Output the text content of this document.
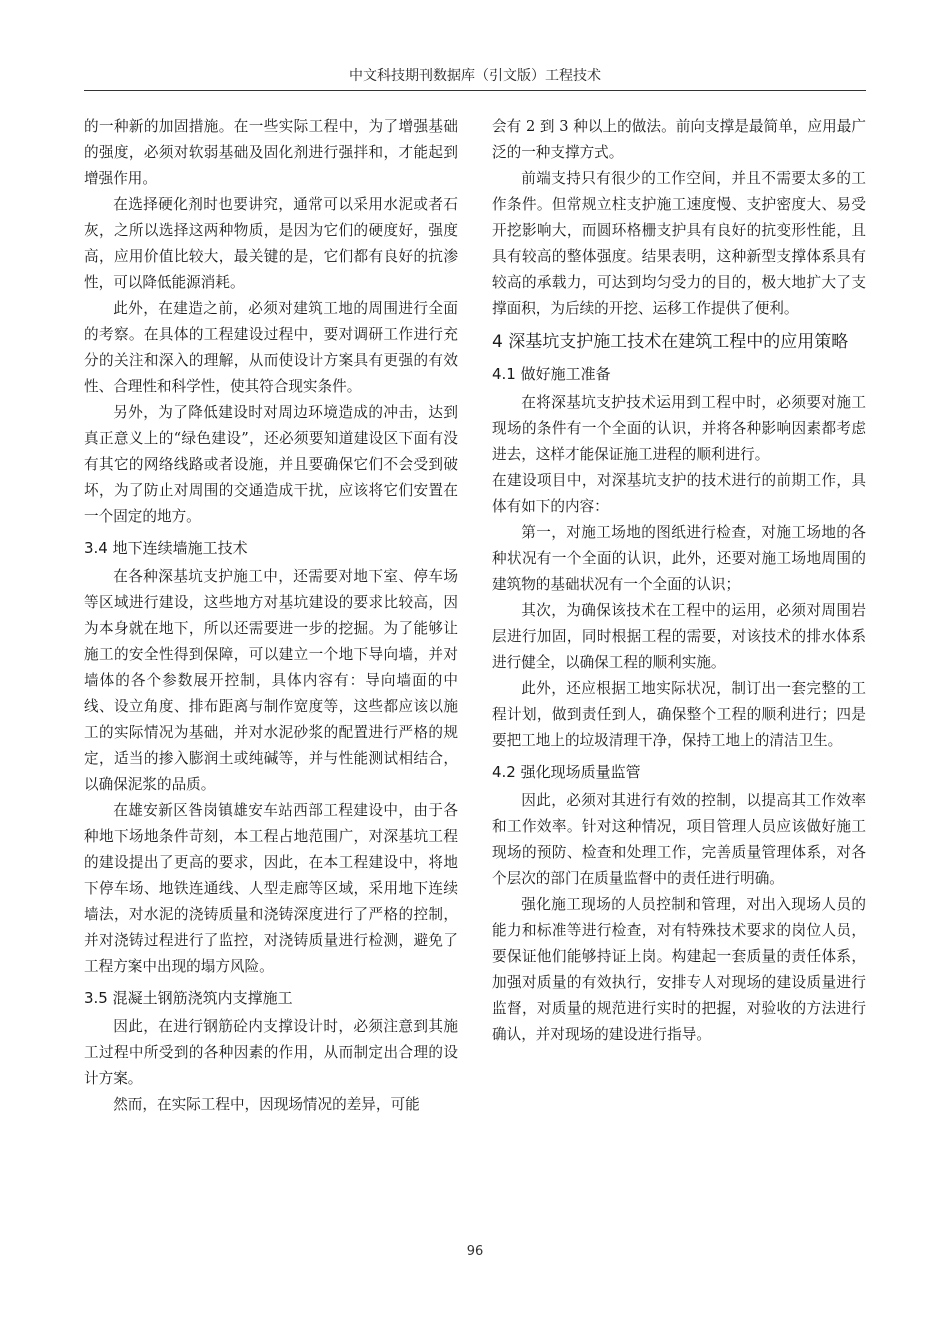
中文科技期刊数据库（引文版）工程技术

的一种新的加固措施。在一些实际工程中，为了增强基础的强度，必须对软弱基础及固化剂进行强拌和，才能起到增强作用。

在选择硬化剂时也要讲究，通常可以采用水泥或者石灰，之所以选择这两种物质，是因为它们的硬度好，强度高，应用价值比较大，最关键的是，它们都有良好的抗渗性，可以降低能源消耗。

此外，在建造之前，必须对建筑工地的周围进行全面的考察。在具体的工程建设过程中，要对调研工作进行充分的关注和深入的理解，从而使设计方案具有更强的有效性、合理性和科学性，使其符合现实条件。

另外，为了降低建设时对周边环境造成的冲击，达到真正意义上的“绿色建设”，还必须要知道建设区下面有没有其它的网络线路或者设施，并且要确保它们不会受到破坏，为了防止对周围的交通造成干扰，应该将它们安置在一个固定的地方。

3.4 地下连续墙施工技术

在各种深基坑支护施工中，还需要对地下室、停车场等区域进行建设，这些地方对基坑建设的要求比较高，因为本身就在地下，所以还需要进一步的挖掘。为了能够让施工的安全性得到保障，可以建立一个地下导向墙，并对墙体的各个参数展开控制，具体内容有：导向墙面的中线、设立角度、排布距离与制作宽度等，这些都应该以施工的实际情况为基础，并对水泥砂浆的配置进行严格的规定，适当的掺入膨润土或纯碱等，并与性能测试相结合，以确保泥浆的品质。

在雄安新区昝岗镇雄安车站西部工程建设中，由于各种地下场地条件苛刻，本工程占地范围广，对深基坑工程的建设提出了更高的要求，因此，在本工程建设中，将地下停车场、地铁连通线、人型走廊等区域，采用地下连续墙法，对水泥的浇铸质量和浇铸深度进行了严格的控制，并对浇铸过程进行了监控，对浇铸质量进行检测，避免了工程方案中出现的塌方风险。

3.5 混凝土钢筋浇筑内支撑施工

因此，在进行钢筋砼内支撑设计时，必须注意到其施工过程中所受到的各种因素的作用，从而制定出合理的设计方案。

然而，在实际工程中，因现场情况的差异，可能

会有 2 到 3 种以上的做法。前向支撑是最简单，应用最广泛的一种支撑方式。

前端支持只有很少的工作空间，并且不需要太多的工作条件。但常规立柱支护施工速度慢、支护密度大、易受开挖影响大，而圆环格栅支护具有良好的抗变形性能，且具有较高的整体强度。结果表明，这种新型支撑体系具有较高的承载力，可达到均匀受力的目的，极大地扩大了支撑面积，为后续的开挖、运移工作提供了便利。

4 深基坑支护施工技术在建筑工程中的应用策略
4.1 做好施工准备

在将深基坑支护技术运用到工程中时，必须要对施工现场的条件有一个全面的认识，并将各种影响因素都考虑进去，这样才能保证施工进程的顺利进行。

在建设项目中，对深基坑支护的技术进行的前期工作，具体有如下的内容：

第一，对施工场地的图纸进行检查，对施工场地的各种状况有一个全面的认识，此外，还要对施工场地周围的建筑物的基础状况有一个全面的认识；

其次，为确保该技术在工程中的运用，必须对周围岩层进行加固，同时根据工程的需要，对该技术的排水体系进行健全，以确保工程的顺利实施。

此外，还应根据工地实际状况，制订出一套完整的工程计划，做到责任到人，确保整个工程的顺利进行；四是要把工地上的垃圾清理干净，保持工地上的清洁卫生。

4.2 强化现场质量监管

因此，必须对其进行有效的控制，以提高其工作效率和工作效率。针对这种情况，项目管理人员应该做好施工现场的预防、检查和处理工作，完善质量管理体系，对各个层次的部门在质量监督中的责任进行明确。

强化施工现场的人员控制和管理，对出入现场人员的能力和标准等进行检查，对有特殊技术要求的岗位人员，要保证他们能够持证上岗。构建起一套质量的责任体系，加强对质量的有效执行，安排专人对现场的建设质量进行监督，对质量的规范进行实时的把握，对验收的方法进行确认，并对现场的建设进行指导。

96
